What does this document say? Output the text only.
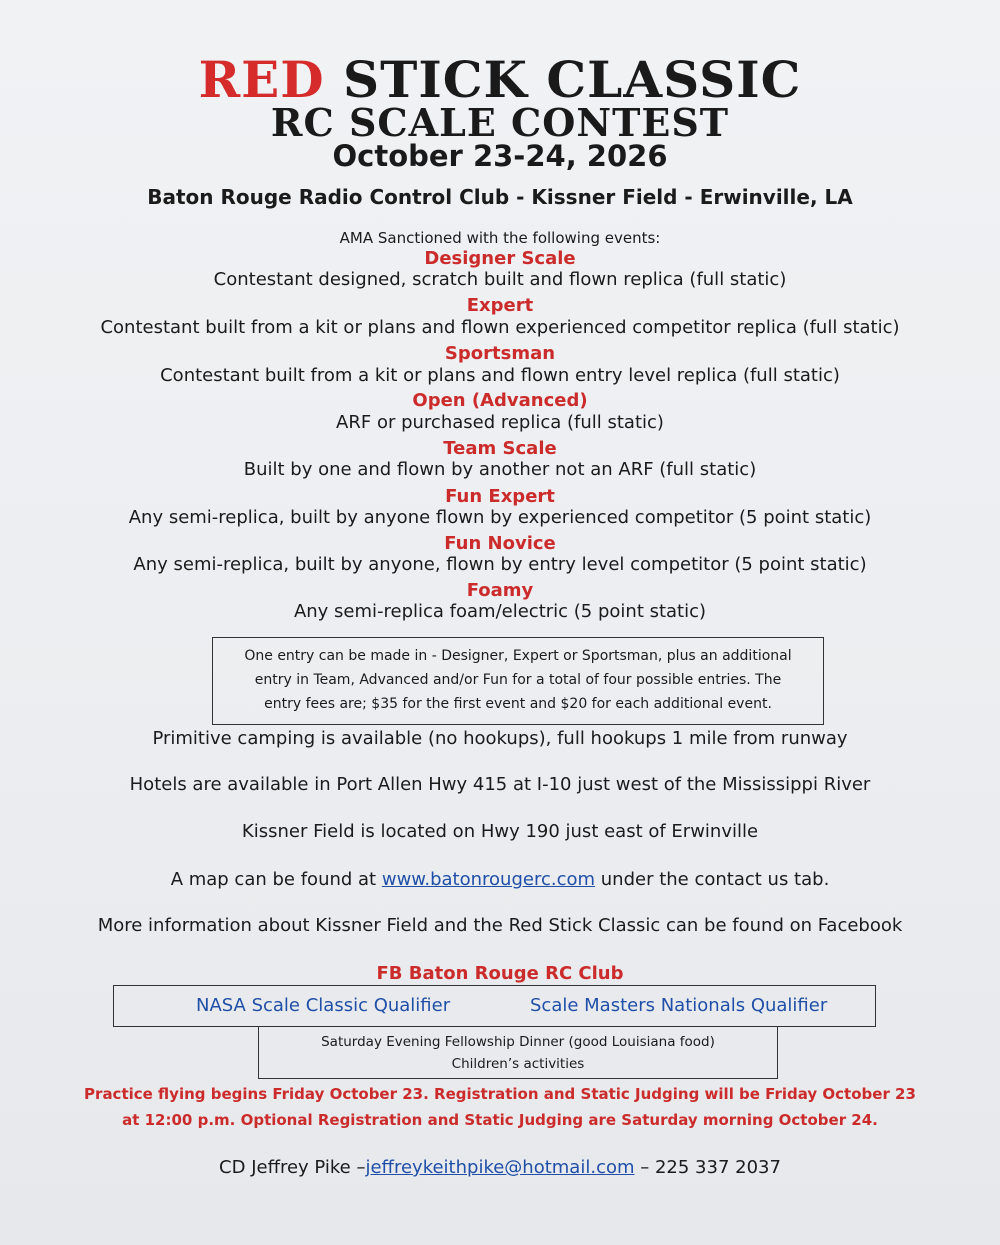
RED STICK CLASSIC
RC SCALE CONTEST
October 23-24, 2026
Baton Rouge Radio Control Club - Kissner Field - Erwinville, LA
AMA Sanctioned with the following events:
Designer Scale
Contestant designed, scratch built and flown replica (full static)
Expert
Contestant built from a kit or plans and flown experienced competitor replica (full static)
Sportsman
Contestant built from a kit or plans and flown entry level replica (full static)
Open (Advanced)
ARF or purchased replica (full static)
Team Scale
Built by one and flown by another not an ARF (full static)
Fun Expert
Any semi-replica, built by anyone flown by experienced competitor (5 point static)
Fun Novice
Any semi-replica, built by anyone, flown by entry level competitor (5 point static)
Foamy
Any semi-replica foam/electric (5 point static)
One entry can be made in - Designer, Expert or Sportsman, plus an additional
entry in Team, Advanced and/or Fun for a total of four possible entries. The
entry fees are; $35 for the first event and $20 for each additional event.
Primitive camping is available (no hookups), full hookups 1 mile from runway
Hotels are available in Port Allen Hwy 415 at I-10 just west of the Mississippi River
Kissner Field is located on Hwy 190 just east of Erwinville
A map can be found at www.batonrougerc.com under the contact us tab.
More information about Kissner Field and the Red Stick Classic can be found on Facebook
FB Baton Rouge RC Club
NASA Scale Classic Qualifier	Scale Masters Nationals Qualifier
Saturday Evening Fellowship Dinner (good Louisiana food)
Children’s activities
Practice flying begins Friday October 23. Registration and Static Judging will be Friday October 23
at 12:00 p.m. Optional Registration and Static Judging are Saturday morning October 24.
CD Jeffrey Pike –jeffreykeithpike@hotmail.com – 225 337 2037
